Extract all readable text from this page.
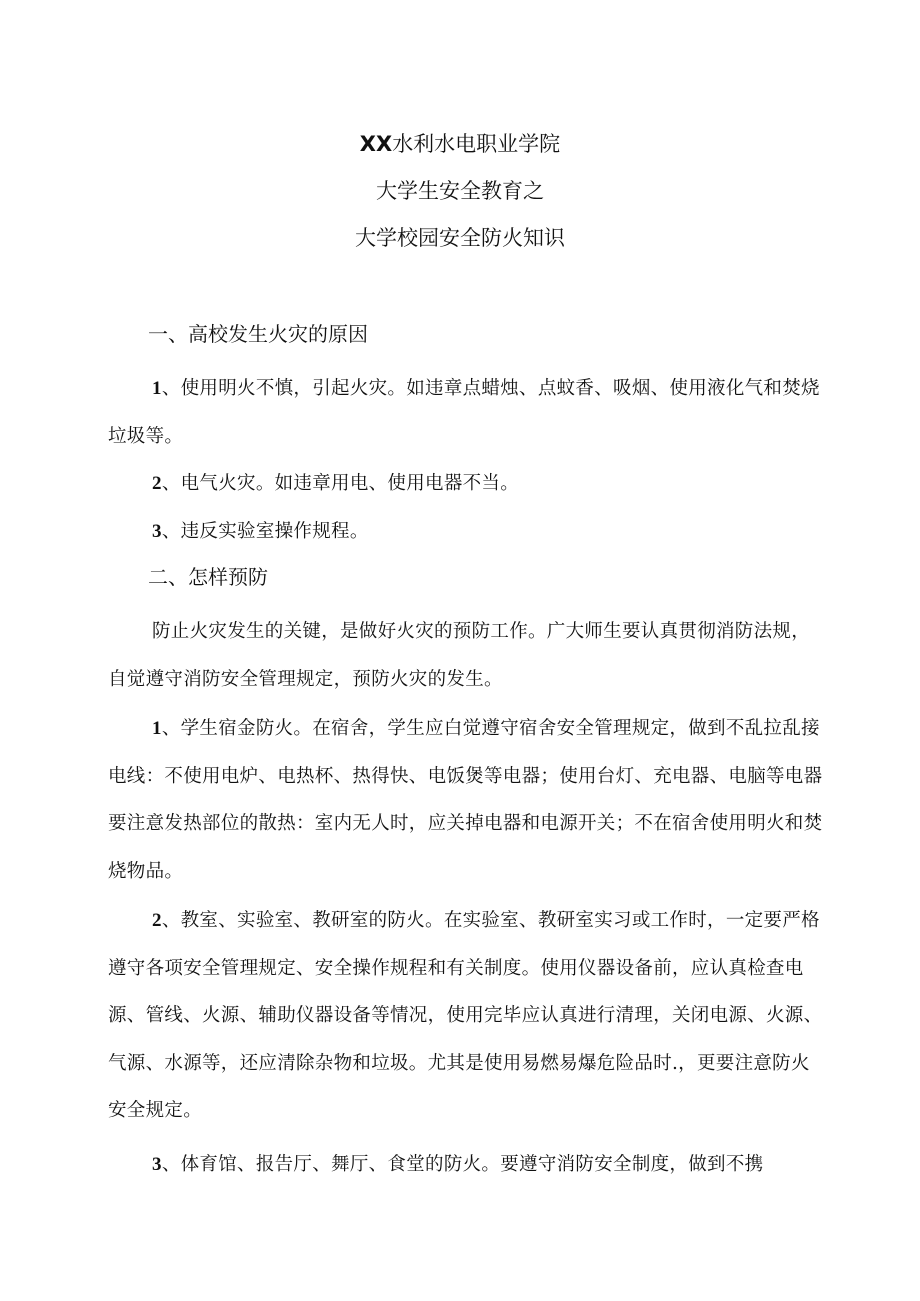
XX水利水电职业学院
大学生安全教育之
大学校园安全防火知识
一、高校发生火灾的原因

1、使用明火不慎，引起火灾。如违章点蜡烛、点蚊香、吸烟、使用液化气和焚烧垃圾等。

2、电气火灾。如违章用电、使用电器不当。

3、违反实验室操作规程。

二、怎样预防

防止火灾发生的关键，是做好火灾的预防工作。广大师生要认真贯彻消防法规，自觉遵守消防安全管理规定，预防火灾的发生。

1、学生宿金防火。在宿舍，学生应白觉遵守宿舍安全管理规定，做到不乱拉乱接电线：不使用电炉、电热杯、热得快、电饭煲等电器；使用台灯、充电器、电脑等电器要注意发热部位的散热：室内无人时，应关掉电器和电源开关；不在宿舍使用明火和焚烧物品。

2、教室、实验室、教研室的防火。在实验室、教研室实习或工作时，一定要严格遵守各项安全管理规定、安全操作规程和有关制度。使用仪器设备前，应认真检查电源、管线、火源、辅助仪器设备等情况，使用完毕应认真进行清理，关闭电源、火源、气源、水源等，还应清除杂物和垃圾。尤其是使用易燃易爆危险品时.，更要注意防火安全规定。

3、体育馆、报告厅、舞厅、食堂的防火。要遵守消防安全制度，做到不携
